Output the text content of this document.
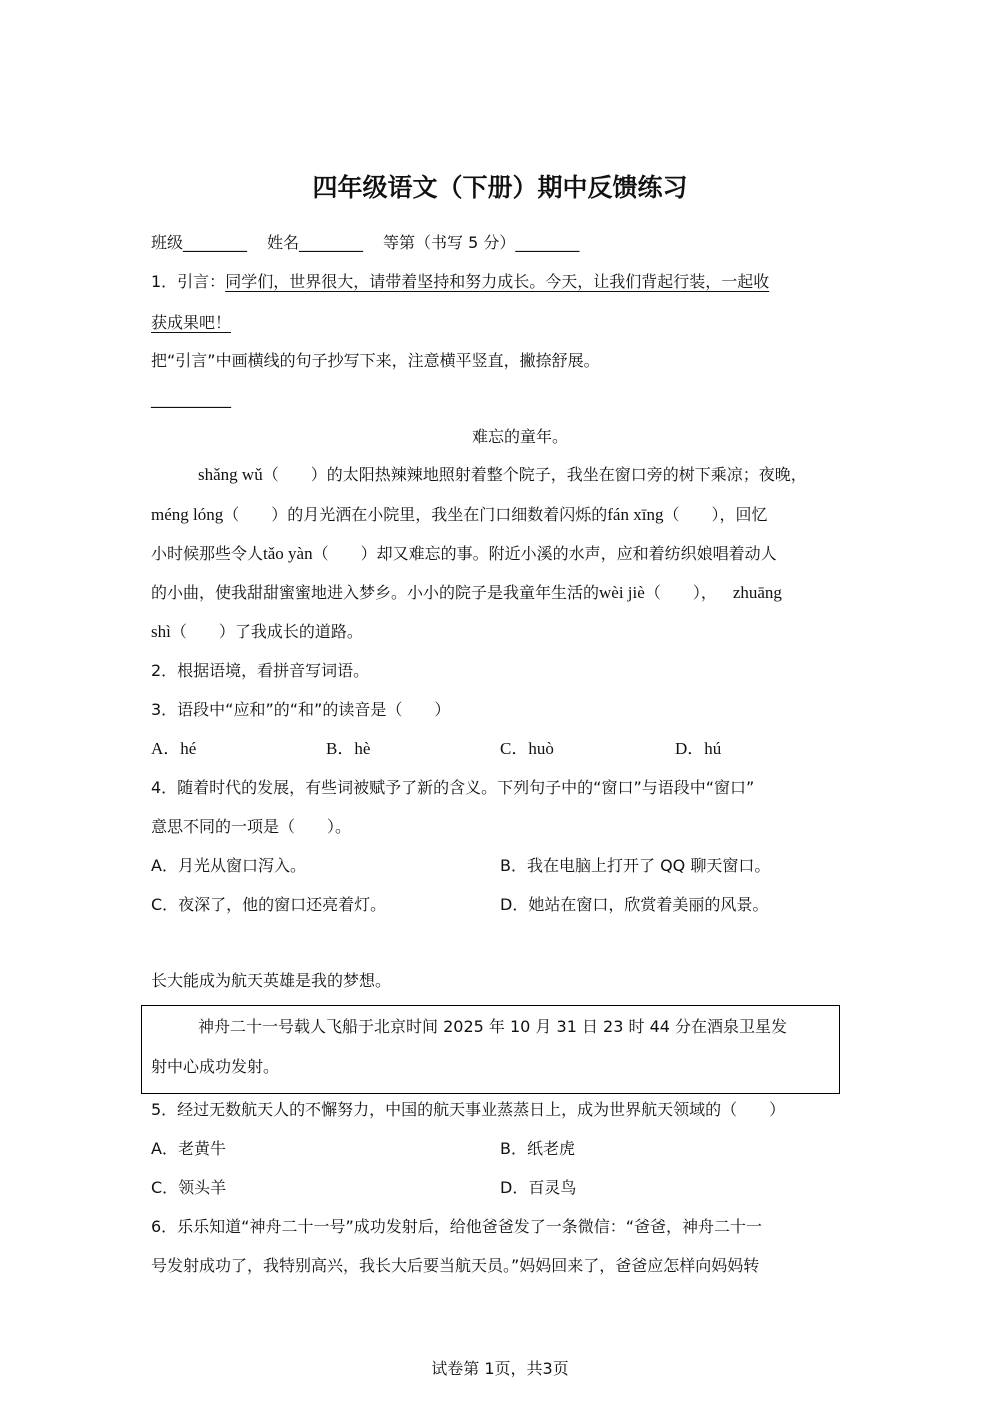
四年级语文（下册）期中反馈练习
班级________ 姓名________ 等第（书写 5 分）________
1．引言：同学们，世界很大，请带着坚持和努力成长。今天，让我们背起行装，一起收
获成果吧！
把“引言”中画横线的句子抄写下来，注意横平竖直，撇捺舒展。
__________
难忘的童年。
shǎng wǔ（　　）的太阳热辣辣地照射着整个院子，我坐在窗口旁的树下乘凉；夜晚，
méng lóng（　　）的月光洒在小院里，我坐在门口细数着闪烁的fán xīng（　　），回忆
小时候那些令人tǎo yàn（　　）却又难忘的事。附近小溪的水声，应和着纺织娘唱着动人
的小曲，使我甜甜蜜蜜地进入梦乡。小小的院子是我童年生活的wèi jiè（　　）， zhuāng
shì（　　）了我成长的道路。
2．根据语境，看拼音写词语。
3．语段中“应和”的“和”的读音是（　　）
A．hé	B．hè	C．huò	D．hú
4．随着时代的发展，有些词被赋予了新的含义。下列句子中的“窗口”与语段中“窗口”
意思不同的一项是（　　）。
A．月光从窗口泻入。	B．我在电脑上打开了 QQ 聊天窗口。
C．夜深了，他的窗口还亮着灯。	D．她站在窗口，欣赏着美丽的风景。
长大能成为航天英雄是我的梦想。
神舟二十一号载人飞船于北京时间 2025 年 10 月 31 日 23 时 44 分在酒泉卫星发
射中心成功发射。
5．经过无数航天人的不懈努力，中国的航天事业蒸蒸日上，成为世界航天领域的（　　）
A．老黄牛	B．纸老虎
C．领头羊	D．百灵鸟
6．乐乐知道“神舟二十一号”成功发射后，给他爸爸发了一条微信：“爸爸，神舟二十一
号发射成功了，我特别高兴，我长大后要当航天员。”妈妈回来了，爸爸应怎样向妈妈转
试卷第 1页，共3页
